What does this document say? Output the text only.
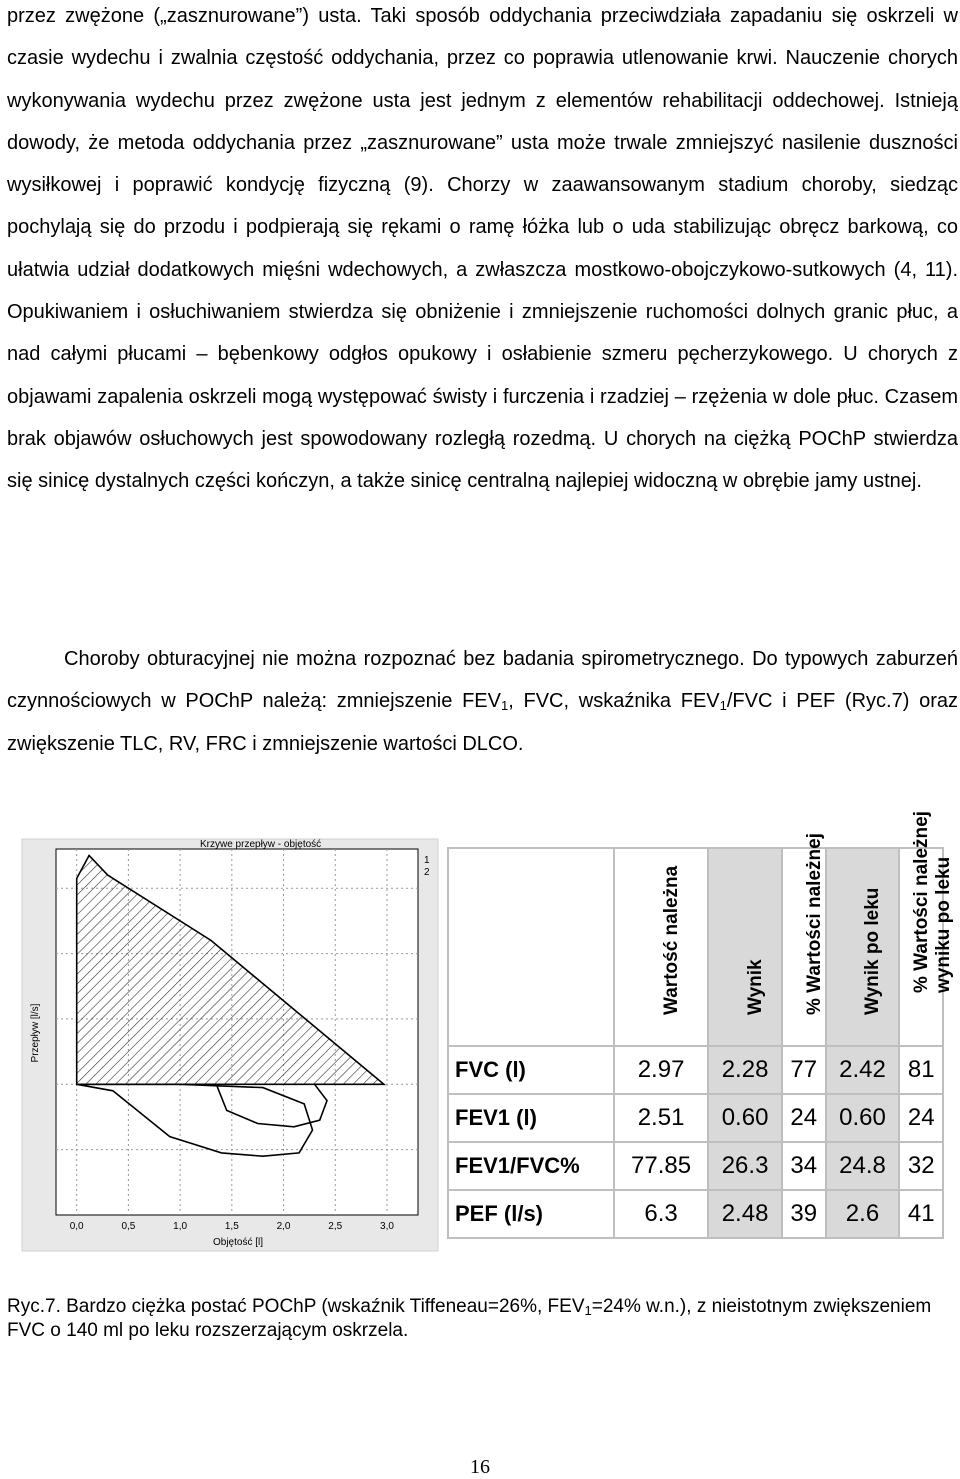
przez zwężone („zasznurowane”) usta. Taki sposób oddychania przeciwdziała zapadaniu się oskrzeli w czasie wydechu i zwalnia częstość oddychania, przez co poprawia utlenowanie krwi. Nauczenie chorych wykonywania wydechu przez zwężone usta jest jednym z elementów rehabilitacji oddechowej. Istnieją dowody, że metoda oddychania przez „zasznurowane” usta może trwale zmniejszyć nasilenie duszności wysiłkowej i poprawić kondycję fizyczną (9). Chorzy w zaawansowanym stadium choroby, siedząc pochylają się do przodu i podpierają się rękami o ramę łóżka lub o uda stabilizując obręcz barkową, co ułatwia udział dodatkowych mięśni wdechowych, a zwłaszcza mostkowo-obojczykowo-sutkowych (4, 11). Opukiwaniem i osłuchiwaniem stwierdza się obniżenie i zmniejszenie ruchomości dolnych granic płuc, a nad całymi płucami – bębenkowy odgłos opukowy i osłabienie szmeru pęcherzykowego. U chorych z objawami zapalenia oskrzeli mogą występować świsty i furczenia i rzadziej – rzężenia w dole płuc. Czasem brak objawów osłuchowych jest spowodowany rozległą rozedmą. U chorych na ciężką POChP stwierdza się sinicę dystalnych części kończyn, a także sinicę centralną najlepiej widoczną w obrębie jamy ustnej.

Choroby obturacyjnej nie można rozpoznać bez badania spirometrycznego. Do typowych zaburzeń czynnościowych w POChP należą: zmniejszenie $FEV_1$, FVC, wskaźnika $FEV_1$/FVC i PEF (Ryc.7) oraz zwiększenie TLC, RV, FRC i zmniejszenie wartości DLCO.

Krzywe przepływ - objętość
Objętość [l]
Przepływ [l/s]
0,0	0,5	1,0	1,5	2,0	2,5	3,0
1
2

	Wartość należna	Wynik	% Wartości należnej	Wynik po leku	% Wartości należnej wyniku po leku

FVC (l)	2.97	2.28	77	2.42	81
FEV1 (l)	2.51	0.60	24	0.60	24
FEV1/FVC%	77.85	26.3	34	24.8	32
PEF (l/s)	6.3	2.48	39	2.6	41

Ryc.7. Bardzo ciężka postać POChP (wskaźnik Tiffeneau=26%, $FEV_1=24\%$ w.n.), z nieistotnym zwiększeniem FVC o 140 ml po leku rozszerzającym oskrzela.

16
